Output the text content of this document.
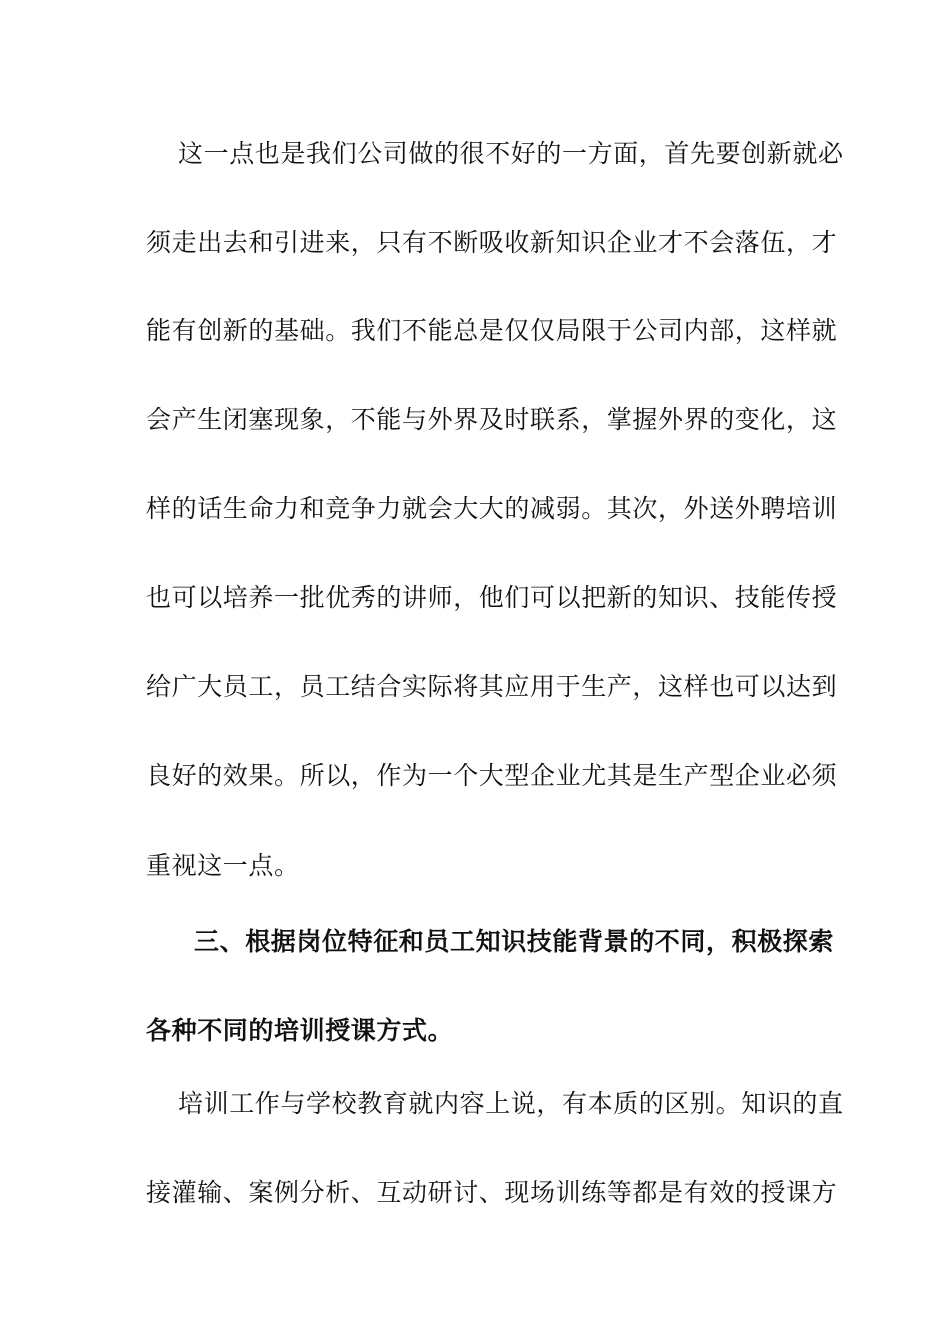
这一点也是我们公司做的很不好的一方面，首先要创新就必
须走出去和引进来，只有不断吸收新知识企业才不会落伍，才
能有创新的基础。我们不能总是仅仅局限于公司内部，这样就
会产生闭塞现象，不能与外界及时联系，掌握外界的变化，这
样的话生命力和竞争力就会大大的减弱。其次，外送外聘培训
也可以培养一批优秀的讲师，他们可以把新的知识、技能传授
给广大员工，员工结合实际将其应用于生产，这样也可以达到
良好的效果。所以，作为一个大型企业尤其是生产型企业必须
重视这一点。
三、根据岗位特征和员工知识技能背景的不同，积极探索
各种不同的培训授课方式。
培训工作与学校教育就内容上说，有本质的区别。知识的直
接灌输、案例分析、互动研讨、现场训练等都是有效的授课方
